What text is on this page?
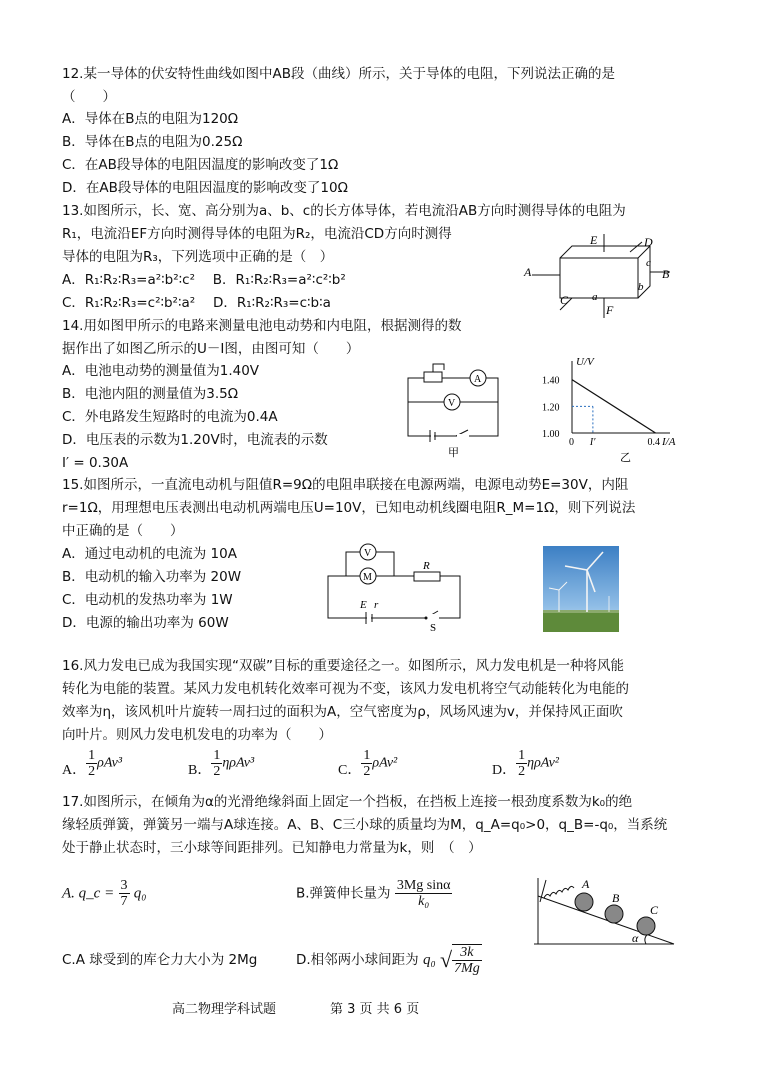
12.某一导体的伏安特性曲线如图中AB段（曲线）所示，关于导体的电阻，下列说法正确的是
（　　）
A．导体在B点的电阻为120Ω
B．导体在B点的电阻为0.25Ω
C．在AB段导体的电阻因温度的影响改变了1Ω
D．在AB段导体的电阻因温度的影响改变了10Ω
13.如图所示，长、宽、高分别为a、b、c的长方体导体，若电流沿AB方向时测得导体的电阻为
R₁，电流沿EF方向时测得导体的电阻为R₂，电流沿CD方向时测得
导体的电阻为R₃，下列选项中正确的是（　）
A．R₁∶R₂∶R₃=a²∶b²∶c²　 B．R₁∶R₂∶R₃=a²∶c²∶b²
C．R₁∶R₂∶R₃=c²∶b²∶a²　 D．R₁∶R₂∶R₃=c∶b∶a
E	D
A	B
c
C a
b
F
14.用如图甲所示的电路来测量电池电动势和内电阻，根据测得的数
据作出了如图乙所示的U－I图，由图可知（　　）
A．电池电动势的测量值为1.40V
B．电池内阻的测量值为3.5Ω
C．外电路发生短路时的电流为0.4A
D．电压表的示数为1.20V时，电流表的示数
I′ = 0.30A
A
V
甲
1.40
1.20
1.00
0 I′	0.4
U/V
I/A
乙
15.如图所示，一直流电动机与阻值R=9Ω的电阻串联接在电源两端，电源电动势E=30V，内阻
r=1Ω，用理想电压表测出电动机两端电压U=10V，已知电动机线圈电阻R_M=1Ω，则下列说法
中正确的是（　　）
A．通过电动机的电流为 10A
B．电动机的输入功率为 20W
C．电动机的发热功率为 1W
D．电源的输出功率为 60W
V
M
R
E r
S
16.风力发电已成为我国实现“双碳”目标的重要途径之一。如图所示，风力发电机是一种将风能
转化为电能的装置。某风力发电机转化效率可视为不变，该风力发电机将空气动能转化为电能的
效率为η，该风机叶片旋转一周扫过的面积为A，空气密度为ρ，风场风速为v，并保持风正面吹
向叶片。则风力发电机发电的功率为（　　）
A． $\frac{1}{2} \rho Av^3$	B． $\frac{1}{2} \eta\rho Av^3$	C． $\frac{1}{2} \rho Av^2$	D． $\frac{1}{2} \eta\rho Av^2$
17.如图所示，在倾角为α的光滑绝缘斜面上固定一个挡板，在挡板上连接一根劲度系数为k₀的绝
缘轻质弹簧，弹簧另一端与A球连接。A、B、C三小球的质量均为M，q_A=q₀>0，q_B=-q₀，当系统
处于静止状态时，三小球等间距排列。已知静电力常量为k，则　（　）
A. q_c = $\frac{3}{7} q_0$	B.弹簧伸长量为 $\frac{\text{3Mg sinα}}{\text{k₀}}$
C.A 球受到的库仑力大小为 2Mg	D.相邻两小球间距为 q₀ √ $\frac{3k}{7Mg}$
A
B
C
α
高二物理学科试题	第 3 页 共 6 页
